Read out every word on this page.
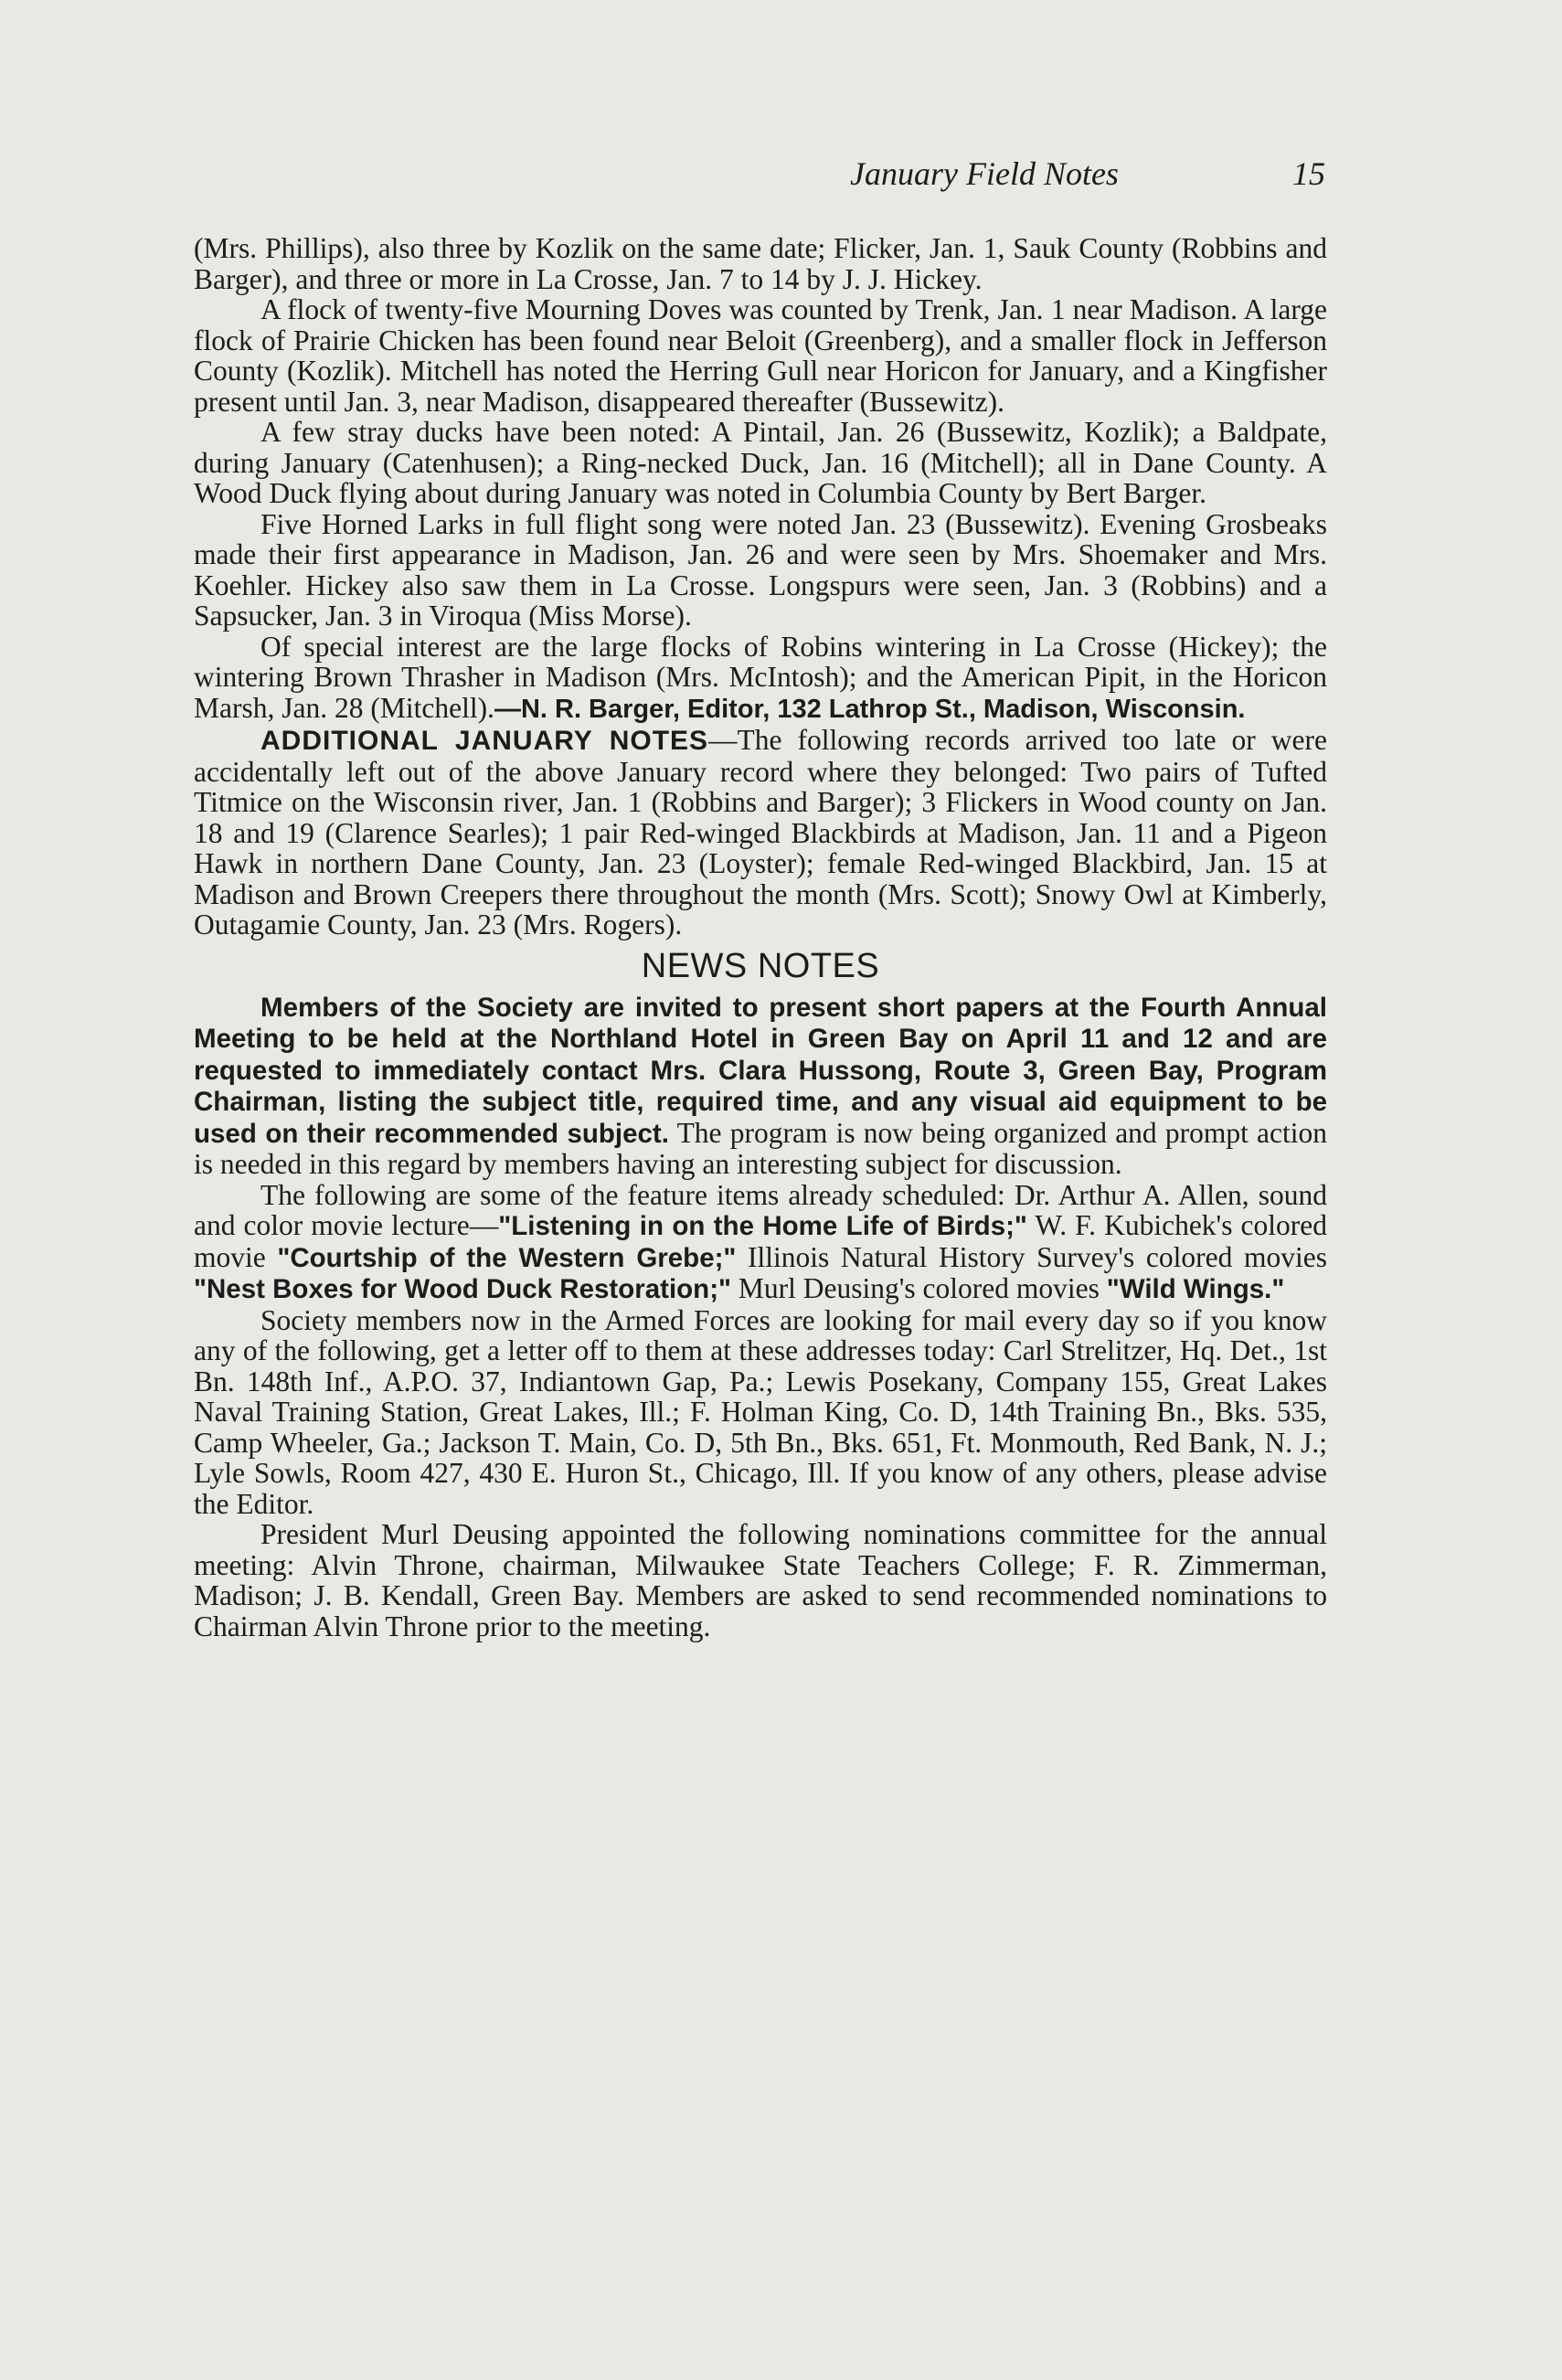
January Field Notes	15

(Mrs. Phillips), also three by Kozlik on the same date; Flicker, Jan. 1, Sauk County (Robbins and Barger), and three or more in La Crosse, Jan. 7 to 14 by J. J. Hickey.

A flock of twenty-five Mourning Doves was counted by Trenk, Jan. 1 near Madison. A large flock of Prairie Chicken has been found near Beloit (Greenberg), and a smaller flock in Jefferson County (Kozlik). Mitchell has noted the Herring Gull near Horicon for January, and a Kingfisher present until Jan. 3, near Madison, disappeared thereafter (Bussewitz).

A few stray ducks have been noted: A Pintail, Jan. 26 (Bussewitz, Kozlik); a Baldpate, during January (Catenhusen); a Ring-necked Duck, Jan. 16 (Mitchell); all in Dane County. A Wood Duck flying about during January was noted in Columbia County by Bert Barger.

Five Horned Larks in full flight song were noted Jan. 23 (Bussewitz). Evening Grosbeaks made their first appearance in Madison, Jan. 26 and were seen by Mrs. Shoemaker and Mrs. Koehler. Hickey also saw them in La Crosse. Longspurs were seen, Jan. 3 (Robbins) and a Sapsucker, Jan. 3 in Viroqua (Miss Morse).

Of special interest are the large flocks of Robins wintering in La Crosse (Hickey); the wintering Brown Thrasher in Madison (Mrs. McIntosh); and the American Pipit, in the Horicon Marsh, Jan. 28 (Mitchell).—N. R. Barger, Editor, 132 Lathrop St., Madison, Wisconsin.

ADDITIONAL JANUARY NOTES—The following records arrived too late or were accidentally left out of the above January record where they belonged: Two pairs of Tufted Titmice on the Wisconsin river, Jan. 1 (Robbins and Barger); 3 Flickers in Wood county on Jan. 18 and 19 (Clarence Searles); 1 pair Red-winged Blackbirds at Madison, Jan. 11 and a Pigeon Hawk in northern Dane County, Jan. 23 (Loyster); female Red-winged Blackbird, Jan. 15 at Madison and Brown Creepers there throughout the month (Mrs. Scott); Snowy Owl at Kimberly, Outagamie County, Jan. 23 (Mrs. Rogers).

NEWS NOTES

Members of the Society are invited to present short papers at the Fourth Annual Meeting to be held at the Northland Hotel in Green Bay on April 11 and 12 and are requested to immediately contact Mrs. Clara Hussong, Route 3, Green Bay, Program Chairman, listing the subject title, required time, and any visual aid equipment to be used on their recommended subject. The program is now being organized and prompt action is needed in this regard by members having an interesting subject for discussion.

The following are some of the feature items already scheduled: Dr. Arthur A. Allen, sound and color movie lecture—"Listening in on the Home Life of Birds;" W. F. Kubichek's colored movie "Courtship of the Western Grebe;" Illinois Natural History Survey's colored movies "Nest Boxes for Wood Duck Restoration;" Murl Deusing's colored movies "Wild Wings."

Society members now in the Armed Forces are looking for mail every day so if you know any of the following, get a letter off to them at these addresses today: Carl Strelitzer, Hq. Det., 1st Bn. 148th Inf., A.P.O. 37, Indiantown Gap, Pa.; Lewis Posekany, Company 155, Great Lakes Naval Training Station, Great Lakes, Ill.; F. Holman King, Co. D, 14th Training Bn., Bks. 535, Camp Wheeler, Ga.; Jackson T. Main, Co. D, 5th Bn., Bks. 651, Ft. Monmouth, Red Bank, N. J.; Lyle Sowls, Room 427, 430 E. Huron St., Chicago, Ill. If you know of any others, please advise the Editor.

President Murl Deusing appointed the following nominations committee for the annual meeting: Alvin Throne, chairman, Milwaukee State Teachers College; F. R. Zimmerman, Madison; J. B. Kendall, Green Bay. Members are asked to send recommended nominations to Chairman Alvin Throne prior to the meeting.
